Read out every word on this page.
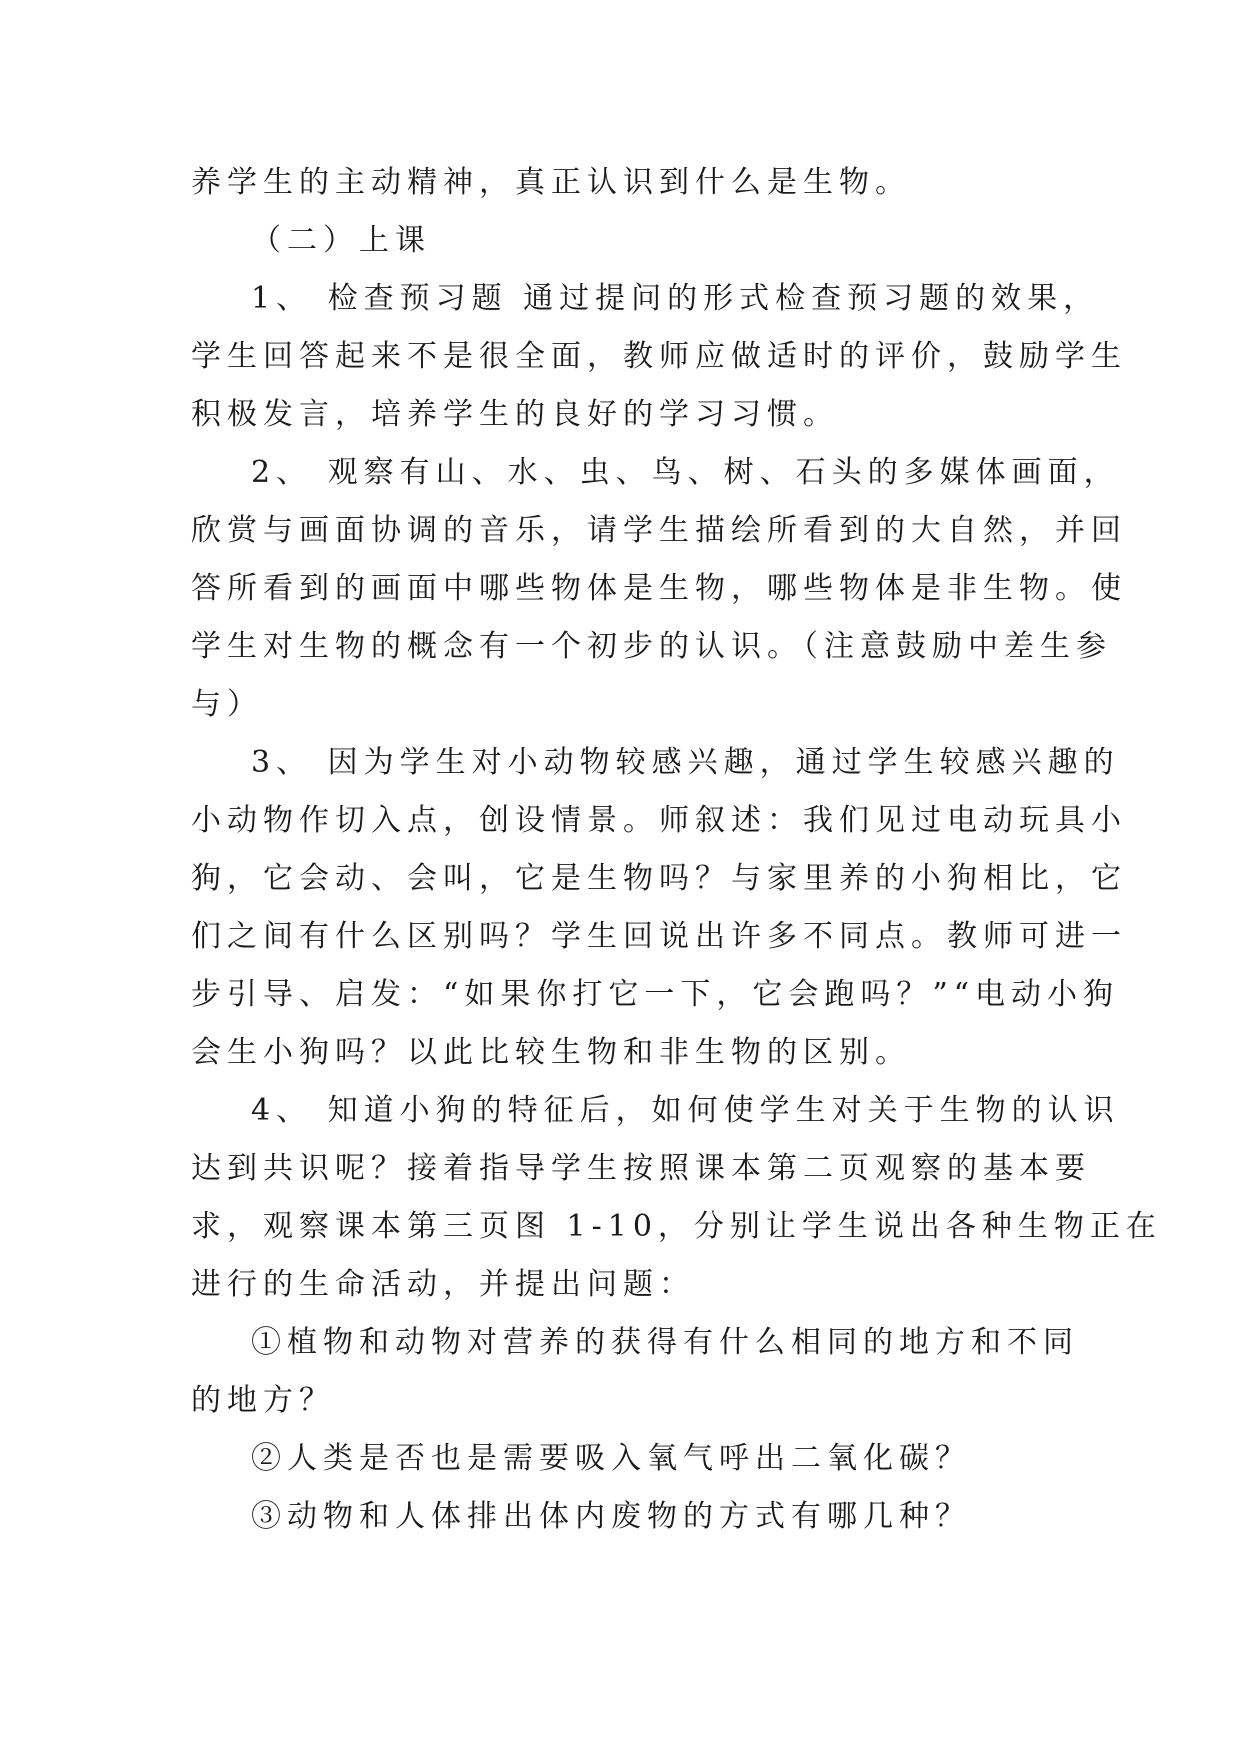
养学生的主动精神，真正认识到什么是生物。
（二）上课
1、 检查预习题 通过提问的形式检查预习题的效果，
学生回答起来不是很全面，教师应做适时的评价，鼓励学生
积极发言，培养学生的良好的学习习惯。
2、 观察有山、水、虫、鸟、树、石头的多媒体画面，
欣赏与画面协调的音乐，请学生描绘所看到的大自然，并回
答所看到的画面中哪些物体是生物，哪些物体是非生物。使
学生对生物的概念有一个初步的认识。（注意鼓励中差生参
与）
3、 因为学生对小动物较感兴趣，通过学生较感兴趣的
小动物作切入点，创设情景。师叙述：我们见过电动玩具小
狗，它会动、会叫，它是生物吗？与家里养的小狗相比，它
们之间有什么区别吗？学生回说出许多不同点。教师可进一
步引导、启发：“如果你打它一下，它会跑吗？”“电动小狗
会生小狗吗？以此比较生物和非生物的区别。
4、 知道小狗的特征后，如何使学生对关于生物的认识
达到共识呢？接着指导学生按照课本第二页观察的基本要
求，观察课本第三页图 1-10，分别让学生说出各种生物正在
进行的生命活动，并提出问题：
①植物和动物对营养的获得有什么相同的地方和不同
的地方？
②人类是否也是需要吸入氧气呼出二氧化碳？
③动物和人体排出体内废物的方式有哪几种？
